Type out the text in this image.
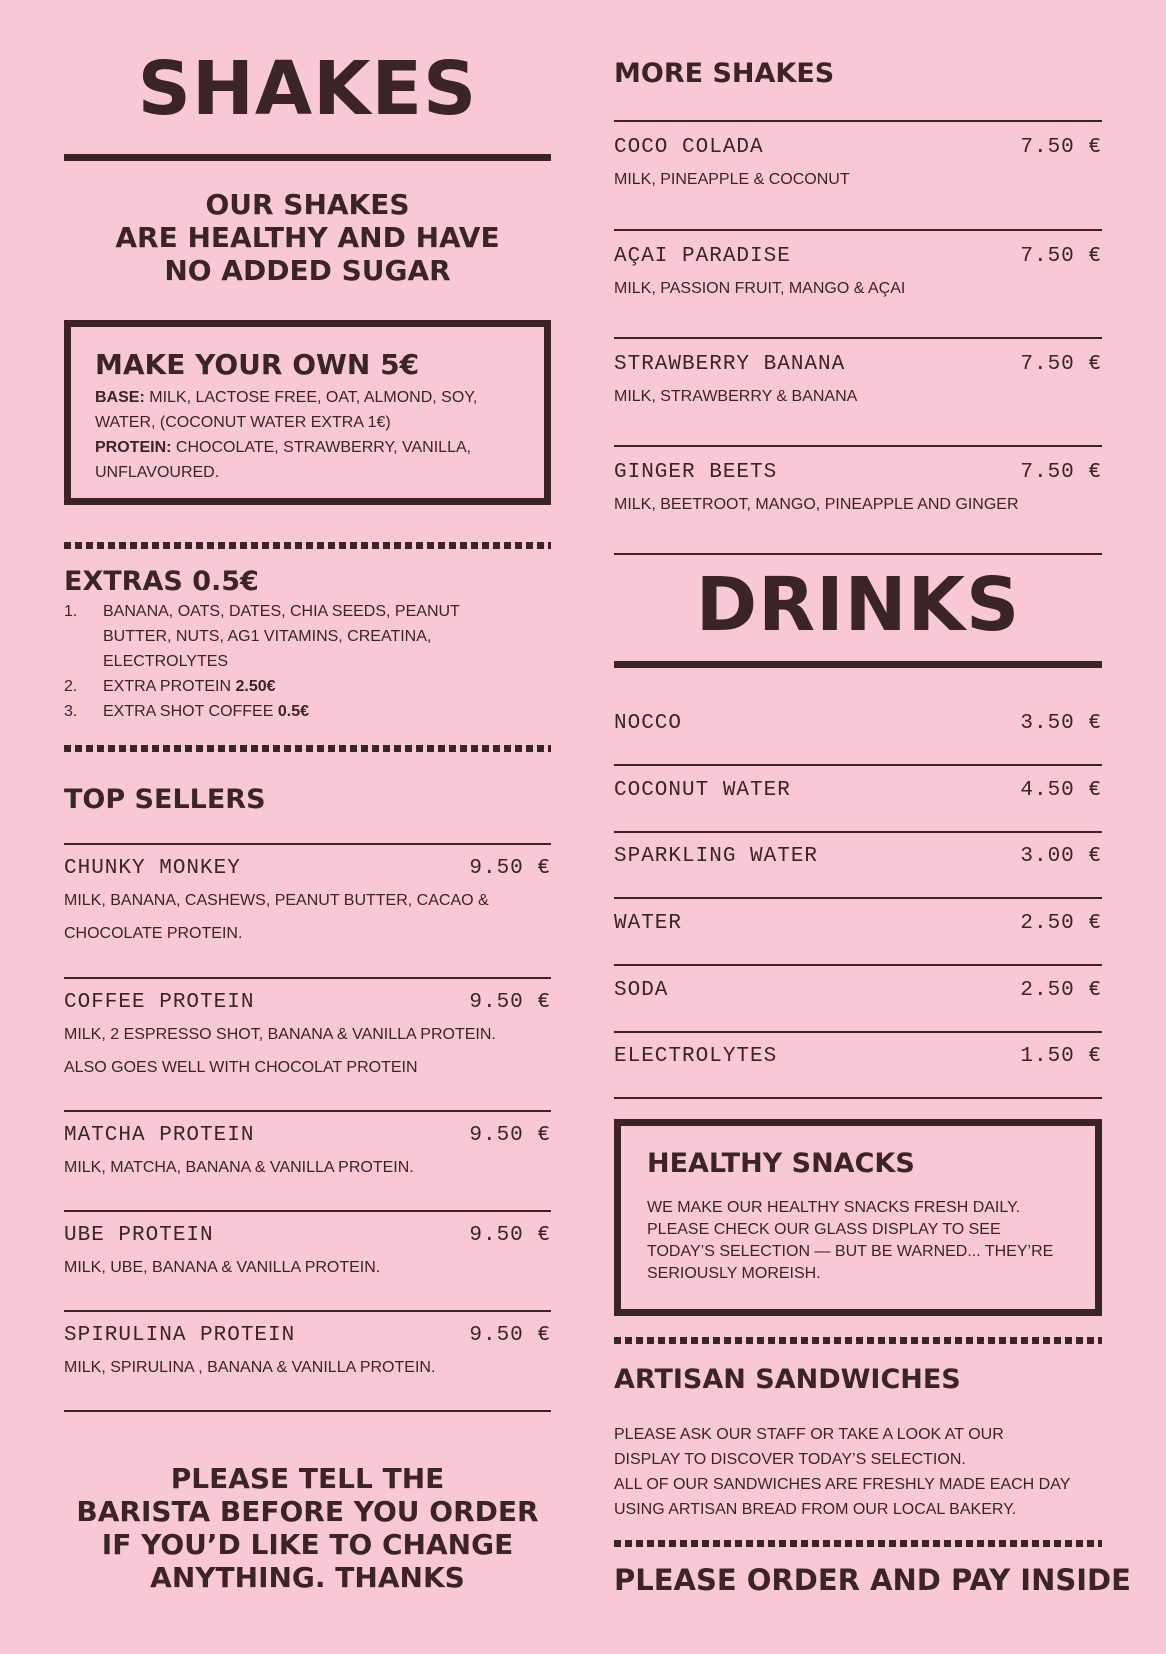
SHAKES
OUR SHAKES
ARE HEALTHY AND HAVE
NO ADDED SUGAR
MAKE YOUR OWN 5€
BASE: MILK, LACTOSE FREE, OAT, ALMOND, SOY,
WATER, (COCONUT WATER EXTRA 1€)
PROTEIN: CHOCOLATE, STRAWBERRY, VANILLA,
UNFLAVOURED.
EXTRAS 0.5€
1.	BANANA, OATS, DATES, CHIA SEEDS, PEANUT
BUTTER, NUTS, AG1 VITAMINS, CREATINA,
ELECTROLYTES
2.	EXTRA PROTEIN 2.50€
3.	EXTRA SHOT COFFEE 0.5€
TOP SELLERS
CHUNKY MONKEY	9.50 €
MILK, BANANA, CASHEWS, PEANUT BUTTER, CACAO &
CHOCOLATE PROTEIN.
COFFEE PROTEIN	9.50 €
MILK, 2 ESPRESSO SHOT, BANANA & VANILLA PROTEIN.
ALSO GOES WELL WITH CHOCOLAT PROTEIN
MATCHA PROTEIN	9.50 €
MILK, MATCHA, BANANA & VANILLA PROTEIN.
UBE PROTEIN	9.50 €
MILK, UBE, BANANA & VANILLA PROTEIN.
SPIRULINA PROTEIN	9.50 €
MILK, SPIRULINA , BANANA & VANILLA PROTEIN.
PLEASE TELL THE
BARISTA BEFORE YOU ORDER
IF YOU’D LIKE TO CHANGE
ANYTHING. THANKS
MORE SHAKES
COCO COLADA	7.50 €
MILK, PINEAPPLE & COCONUT
AÇAI PARADISE	7.50 €
MILK, PASSION FRUIT, MANGO & AÇAI
STRAWBERRY BANANA	7.50 €
MILK, STRAWBERRY & BANANA
GINGER BEETS	7.50 €
MILK, BEETROOT, MANGO, PINEAPPLE AND GINGER
DRINKS
NOCCO	3.50 €
COCONUT WATER	4.50 €
SPARKLING WATER	3.00 €
WATER	2.50 €
SODA	2.50 €
ELECTROLYTES	1.50 €
HEALTHY SNACKS
WE MAKE OUR HEALTHY SNACKS FRESH DAILY.
PLEASE CHECK OUR GLASS DISPLAY TO SEE
TODAY’S SELECTION — BUT BE WARNED... THEY’RE
SERIOUSLY MOREISH.
ARTISAN SANDWICHES
PLEASE ASK OUR STAFF OR TAKE A LOOK AT OUR
DISPLAY TO DISCOVER TODAY’S SELECTION.
ALL OF OUR SANDWICHES ARE FRESHLY MADE EACH DAY
USING ARTISAN BREAD FROM OUR LOCAL BAKERY.
PLEASE ORDER AND PAY INSIDE
